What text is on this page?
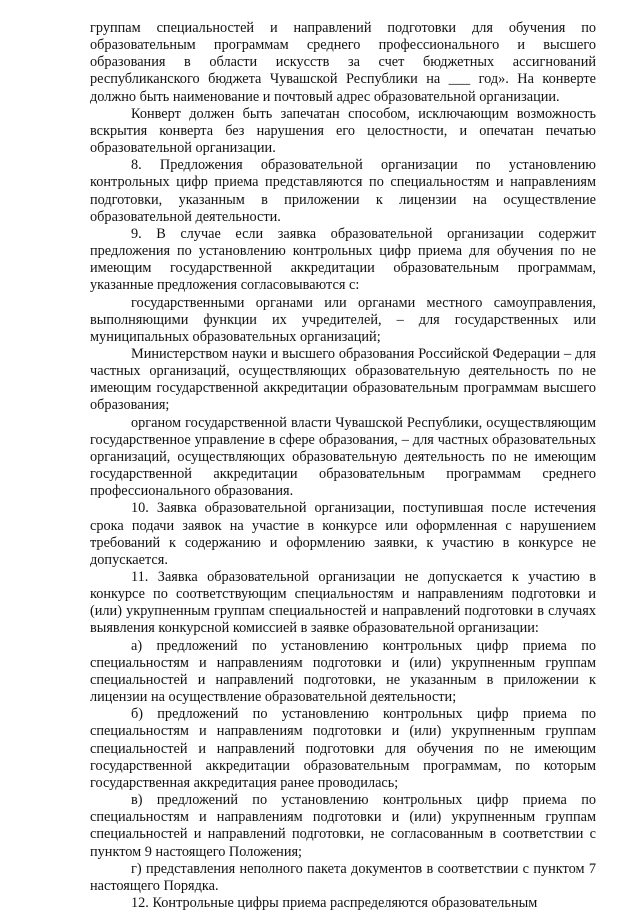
группам специальностей и направлений подготовки для обучения по образовательным программам среднего профессионального и высшего образования в области искусств за счет бюджетных ассигнований республиканского бюджета Чувашской Республики на ___ год». На конверте должно быть наименование и почтовый адрес образовательной организации.

Конверт должен быть запечатан способом, исключающим возможность вскрытия конверта без нарушения его целостности, и опечатан печатью образовательной организации.

8. Предложения образовательной организации по установлению контрольных цифр приема представляются по специальностям и направлениям подготовки, указанным в приложении к лицензии на осуществление образовательной деятельности.

9. В случае если заявка образовательной организации содержит предложения по установлению контрольных цифр приема для обучения по не имеющим государственной аккредитации образовательным программам, указанные предложения согласовываются с:

государственными органами или органами местного самоуправления, выполняющими функции их учредителей, – для государственных или муниципальных образовательных организаций;

Министерством науки и высшего образования Российской Федерации – для частных организаций, осуществляющих образовательную деятельность по не имеющим государственной аккредитации образовательным программам высшего образования;

органом государственной власти Чувашской Республики, осуществляющим государственное управление в сфере образования, – для частных образовательных организаций, осуществляющих образовательную деятельность по не имеющим государственной аккредитации образовательным программам среднего профессионального образования.

10. Заявка образовательной организации, поступившая после истечения срока подачи заявок на участие в конкурсе или оформленная с нарушением требований к содержанию и оформлению заявки, к участию в конкурсе не допускается.

11. Заявка образовательной организации не допускается к участию в конкурсе по соответствующим специальностям и направлениям подготовки и (или) укрупненным группам специальностей и направлений подготовки в случаях выявления конкурсной комиссией в заявке образовательной организации:

а) предложений по установлению контрольных цифр приема по специальностям и направлениям подготовки и (или) укрупненным группам специальностей и направлений подготовки, не указанным в приложении к лицензии на осуществление образовательной деятельности;

б) предложений по установлению контрольных цифр приема по специальностям и направлениям подготовки и (или) укрупненным группам специальностей и направлений подготовки для обучения по не имеющим государственной аккредитации образовательным программам, по которым государственная аккредитация ранее проводилась;

в) предложений по установлению контрольных цифр приема по специальностям и направлениям подготовки и (или) укрупненным группам специальностей и направлений подготовки, не согласованным в соответствии с пунктом 9 настоящего Положения;

г) представления неполного пакета документов в соответствии с пунктом 7 настоящего Порядка.

12. Контрольные цифры приема распределяются образовательным
